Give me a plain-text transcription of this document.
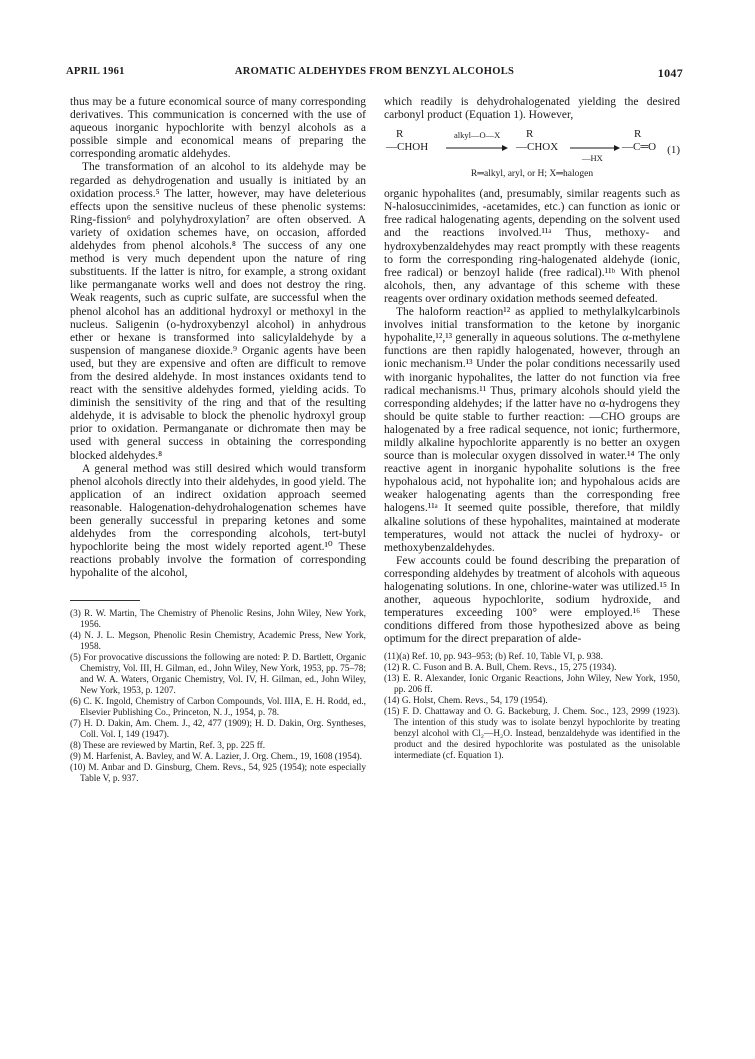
APRIL 1961	AROMATIC ALDEHYDES FROM BENZYL ALCOHOLS	1047

thus may be a future economical source of many corresponding derivatives. This communication is concerned with the use of aqueous inorganic hypochlorite with benzyl alcohols as a possible simple and economical means of preparing the corresponding aromatic aldehydes.

The transformation of an alcohol to its aldehyde may be regarded as dehydrogenation and usually is initiated by an oxidation process.⁵ The latter, however, may have deleterious effects upon the sensitive nucleus of these phenolic systems: Ring-fission⁶ and polyhydroxylation⁷ are often observed. A variety of oxidation schemes have, on occasion, afforded aldehydes from phenol alcohols.⁸ The success of any one method is very much dependent upon the nature of ring substituents. If the latter is nitro, for example, a strong oxidant like permanganate works well and does not destroy the ring. Weak reagents, such as cupric sulfate, are successful when the phenol alcohol has an additional hydroxyl or methoxyl in the nucleus. Saligenin (o-hydroxybenzyl alcohol) in anhydrous ether or hexane is transformed into salicylaldehyde by a suspension of manganese dioxide.⁹ Organic agents have been used, but they are expensive and often are difficult to remove from the desired aldehyde. In most instances oxidants tend to react with the sensitive aldehydes formed, yielding acids. To diminish the sensitivity of the ring and that of the resulting aldehyde, it is advisable to block the phenolic hydroxyl group prior to oxidation. Permanganate or dichromate then may be used with general success in obtaining the corresponding blocked aldehydes.⁸

A general method was still desired which would transform phenol alcohols directly into their aldehydes, in good yield. The application of an indirect oxidation approach seemed reasonable. Halogenation-dehydrohalogenation schemes have been generally successful in preparing ketones and some aldehydes from the corresponding alcohols, tert-butyl hypochlorite being the most widely reported agent.¹⁰ These reactions probably involve the formation of corresponding hypohalite of the alcohol,

(3) R. W. Martin, The Chemistry of Phenolic Resins, John Wiley, New York, 1956.

(4) N. J. L. Megson, Phenolic Resin Chemistry, Academic Press, New York, 1958.

(5) For provocative discussions the following are noted: P. D. Bartlett, Organic Chemistry, Vol. III, H. Gilman, ed., John Wiley, New York, 1953, pp. 75–78; and W. A. Waters, Organic Chemistry, Vol. IV, H. Gilman, ed., John Wiley, New York, 1953, p. 1207.

(6) C. K. Ingold, Chemistry of Carbon Compounds, Vol. IIIA, E. H. Rodd, ed., Elsevier Publishing Co., Princeton, N. J., 1954, p. 78.

(7) H. D. Dakin, Am. Chem. J., 42, 477 (1909); H. D. Dakin, Org. Syntheses, Coll. Vol. I, 149 (1947).

(8) These are reviewed by Martin, Ref. 3, pp. 225 ff.

(9) M. Harfenist, A. Bavley, and W. A. Lazier, J. Org. Chem., 19, 1608 (1954).

(10) M. Anbar and D. Ginsburg, Chem. Revs., 54, 925 (1954); note especially Table V, p. 937.

which readily is dehydrohalogenated yielding the desired carbonyl product (Equation 1). However,

R
—CHOH
alkyl—O—X R
—CHOX
—HX
R
—C═O (1)
R═alkyl, aryl, or H; X═halogen

organic hypohalites (and, presumably, similar reagents such as N-halosuccinimides, -acetamides, etc.) can function as ionic or free radical halogenating agents, depending on the solvent used and the reactions involved.¹¹ᵃ Thus, methoxy- and hydroxybenzaldehydes may react promptly with these reagents to form the corresponding ring-halogenated aldehyde (ionic, free radical) or benzoyl halide (free radical).¹¹ᵇ With phenol alcohols, then, any advantage of this scheme with these reagents over ordinary oxidation methods seemed defeated.

The haloform reaction¹² as applied to methylalkylcarbinols involves initial transformation to the ketone by inorganic hypohalite,¹²,¹³ generally in aqueous solutions. The α-methylene functions are then rapidly halogenated, however, through an ionic mechanism.¹³ Under the polar conditions necessarily used with inorganic hypohalites, the latter do not function via free radical mechanisms.¹¹ Thus, primary alcohols should yield the corresponding aldehydes; if the latter have no α-hydrogens they should be quite stable to further reaction: —CHO groups are halogenated by a free radical sequence, not ionic; furthermore, mildly alkaline hypochlorite apparently is no better an oxygen source than is molecular oxygen dissolved in water.¹⁴ The only reactive agent in inorganic hypohalite solutions is the free hypohalous acid, not hypohalite ion; and hypohalous acids are weaker halogenating agents than the corresponding free halogens.¹¹ᵃ It seemed quite possible, therefore, that mildly alkaline solutions of these hypohalites, maintained at moderate temperatures, would not attack the nuclei of hydroxy- or methoxybenzaldehydes.

Few accounts could be found describing the preparation of corresponding aldehydes by treatment of alcohols with aqueous halogenating solutions. In one, chlorine-water was utilized.¹⁵ In another, aqueous hypochlorite, sodium hydroxide, and temperatures exceeding 100° were employed.¹⁶ These conditions differed from those hypothesized above as being optimum for the direct preparation of alde-

(11)(a) Ref. 10, pp. 943–953; (b) Ref. 10, Table VI, p. 938.

(12) R. C. Fuson and B. A. Bull, Chem. Revs., 15, 275 (1934).

(13) E. R. Alexander, Ionic Organic Reactions, John Wiley, New York, 1950, pp. 206 ff.

(14) G. Holst, Chem. Revs., 54, 179 (1954).

(15) F. D. Chattaway and O. G. Backeburg, J. Chem. Soc., 123, 2999 (1923). The intention of this study was to isolate benzyl hypochlorite by treating benzyl alcohol with Cl₂—H₂O. Instead, benzaldehyde was identified in the product and the desired hypochlorite was postulated as the unisolable intermediate (cf. Equation 1).
